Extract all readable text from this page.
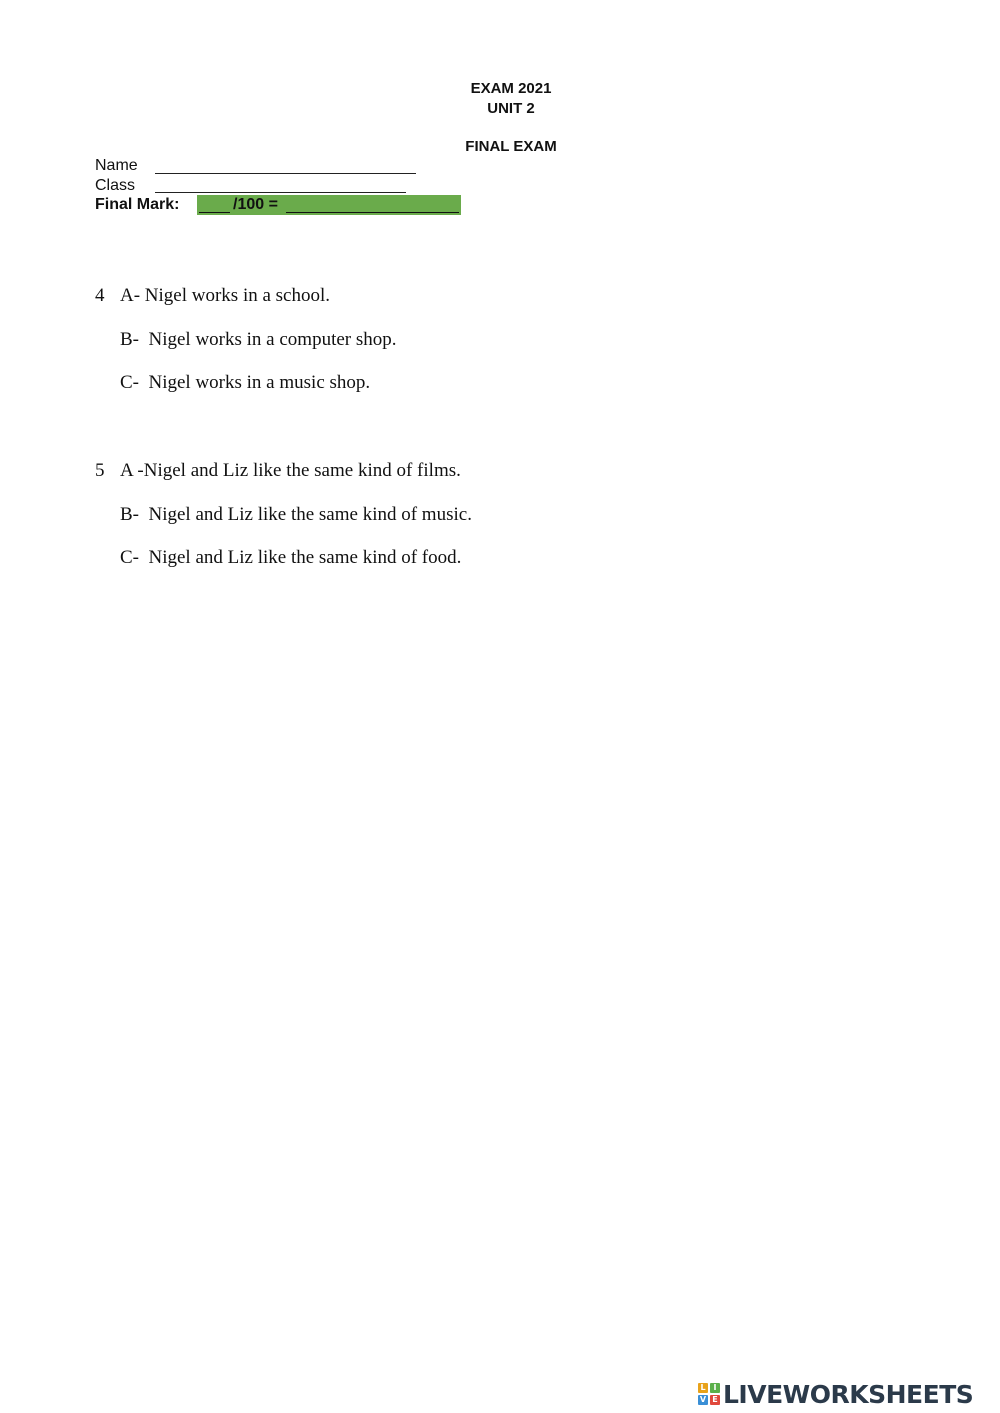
EXAM 2021
UNIT 2
FINAL EXAM
Name
Class
Final Mark:	/100 =
4 A- Nigel works in a school.
B-  Nigel works in a computer shop.
C-  Nigel works in a music shop.
5 A -Nigel and Liz like the same kind of films.
B-  Nigel and Liz like the same kind of music.
C-  Nigel and Liz like the same kind of food.
L I
V E LIVEWORKSHEETS
